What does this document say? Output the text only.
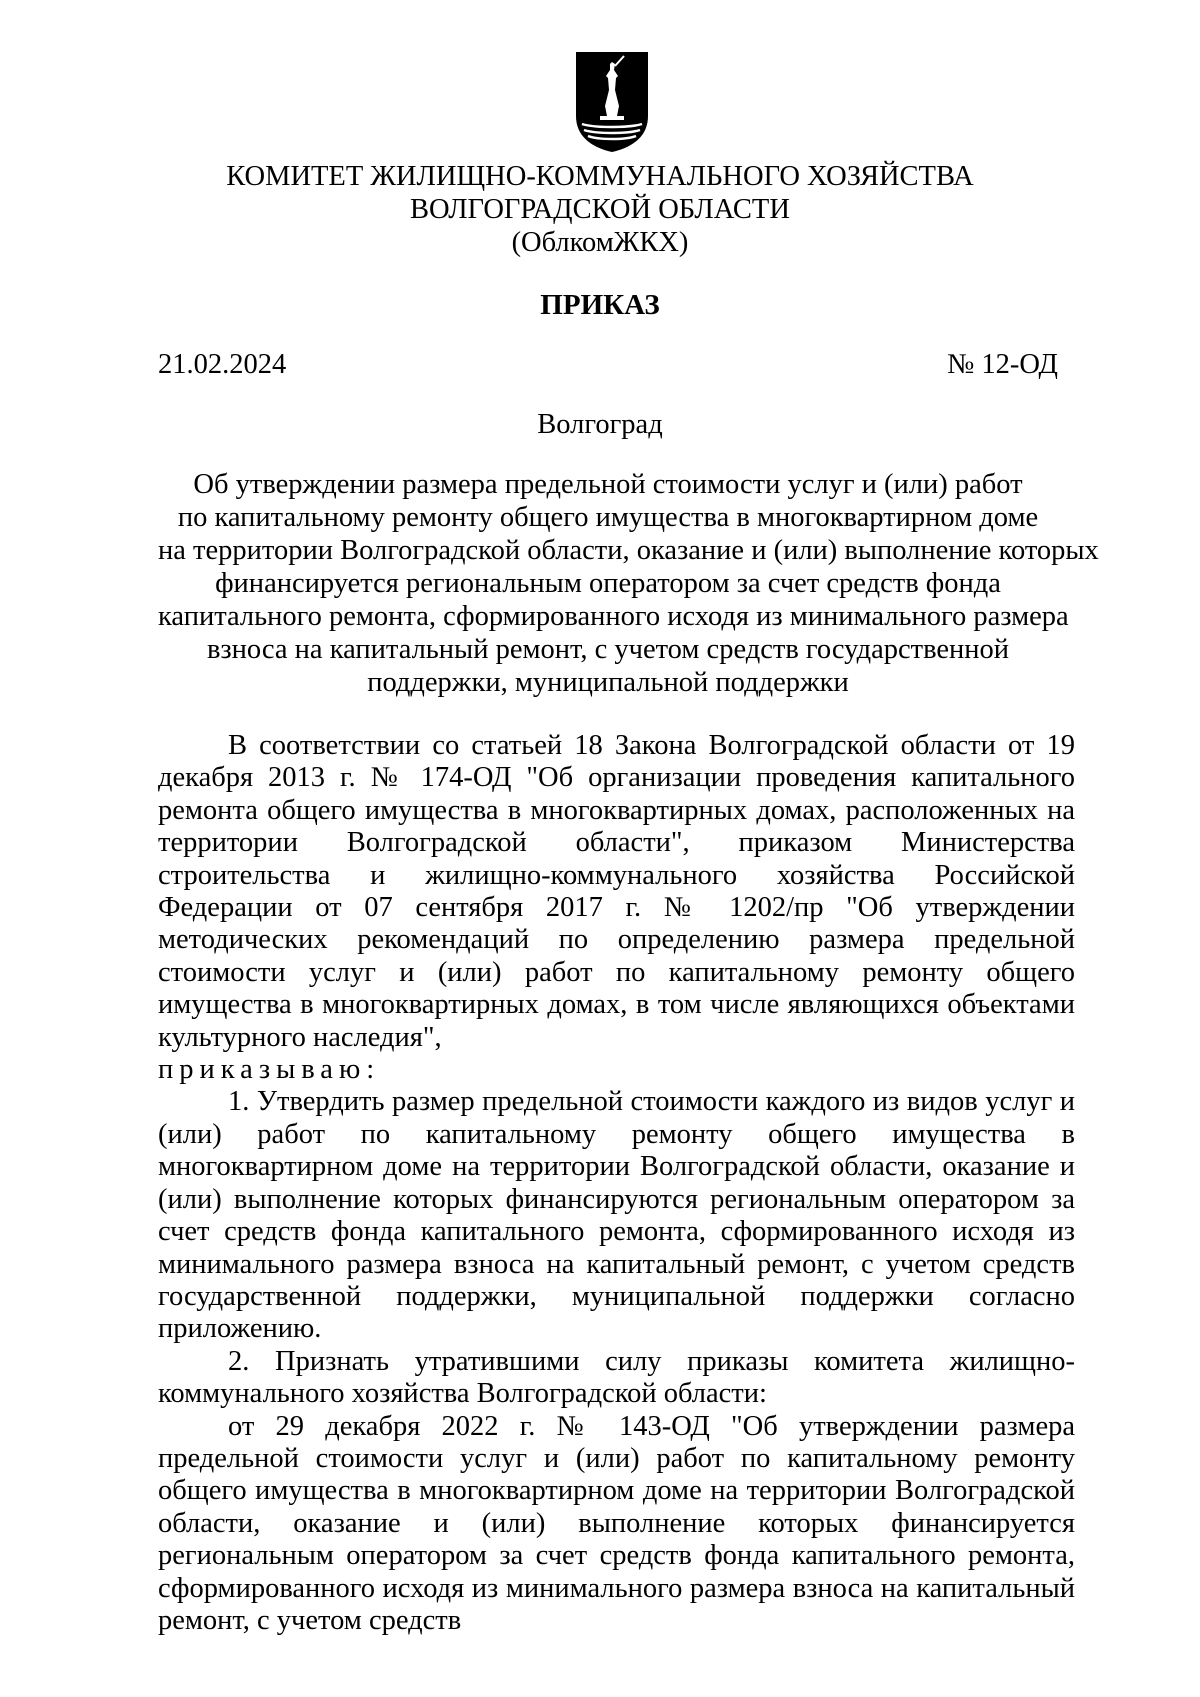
КОМИТЕТ ЖИЛИЩНО-КОММУНАЛЬНОГО ХОЗЯЙСТВА
ВОЛГОГРАДСКОЙ ОБЛАСТИ
(ОблкомЖКХ)
ПРИКАЗ
21.02.2024	№ 12-ОД
Волгоград
Об утверждении размера предельной стоимости услуг и (или) работ
по капитальному ремонту общего имущества в многоквартирном доме
на территории Волгоградской области, оказание и (или) выполнение которых
финансируется региональным оператором за счет средств фонда
капитального ремонта, сформированного исходя из минимального размера
взноса на капитальный ремонт, с учетом средств государственной
поддержки, муниципальной поддержки

В соответствии со статьей 18 Закона Волгоградской области от 19 декабря 2013 г. № 174-ОД "Об организации проведения капитального ремонта общего имущества в многоквартирных домах, расположенных на территории Волгоградской области", приказом Министерства строительства и жилищно-коммунального хозяйства Российской Федерации от 07 сентября 2017 г. № 1202/пр "Об утверждении методических рекомендаций по определению размера предельной стоимости услуг и (или) работ по капитальному ремонту общего имущества в многоквартирных домах, в том числе являющихся объектами культурного наследия",

приказываю:

1. Утвердить размер предельной стоимости каждого из видов услуг и (или) работ по капитальному ремонту общего имущества в многоквартирном доме на территории Волгоградской области, оказание и (или) выполнение которых финансируются региональным оператором за счет средств фонда капитального ремонта, сформированного исходя из минимального размера взноса на капитальный ремонт, с учетом средств государственной поддержки, муниципальной поддержки согласно приложению.

2. Признать утратившими силу приказы комитета жилищно-коммунального хозяйства Волгоградской области:

от 29 декабря 2022 г. № 143-ОД "Об утверждении размера предельной стоимости услуг и (или) работ по капитальному ремонту общего имущества в многоквартирном доме на территории Волгоградской области, оказание и (или) выполнение которых финансируется региональным оператором за счет средств фонда капитального ремонта, сформированного исходя из минимального размера взноса на капитальный ремонт, с учетом средств
